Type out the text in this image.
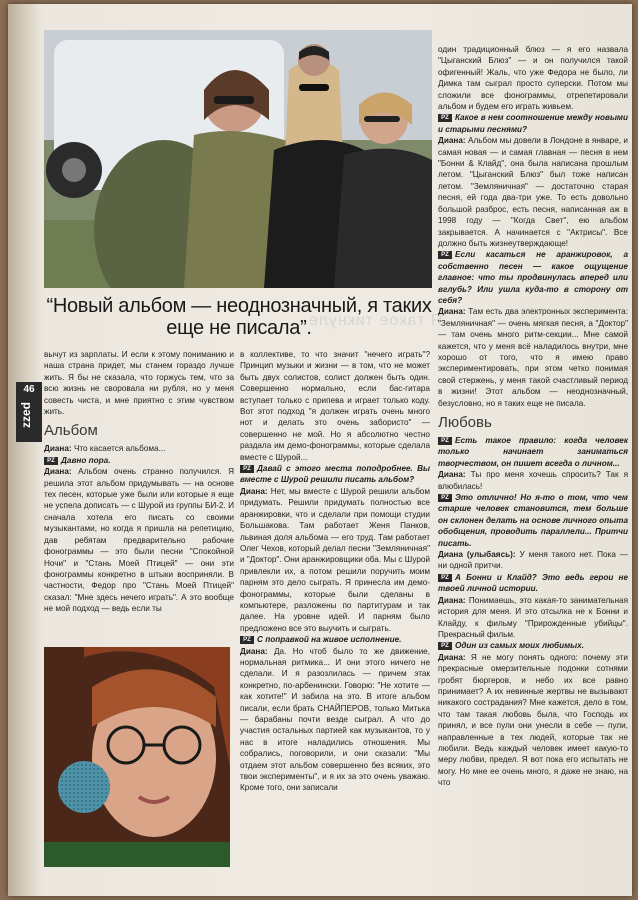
“Новый альбом — неоднозначный, я таких еще не писала”.
Я такое тикнуле
46
zzed

вычут из зарплаты. И если к этому пониманию и наша страна придет, мы станем гораздо лучше жить. Я бы не сказала, что горжусь тем, что за всю жизнь не своровала ни рубля, но у меня совесть чиста, и мне приятно с этим чувством жить.

Альбом

Диана: Что касается альбома...

PZ Давно пора.

Диана: Альбом очень странно получился. Я решила этот альбом придумывать — на основе тех песен, которые уже были или которые я еще не успела дописать — с Шурой из группы БИ-2. И сначала хотела его писать со своими музыкантами, но когда я пришла на репетицию, дав ребятам предварительно рабочие фонограммы — это были песни "Спокойной Ночи" и "Стань Моей Птицей" — они эти фонограммы конкретно в штыки восприняли. В частности, Федор про "Стань Моей Птицей" сказал: "Мне здесь нечего играть". А это вообще не мой подход — ведь если ты

в коллективе, то что значит "нечего играть"? Принцип музыки и жизни — в том, что не может быть двух солистов, солист должен быть один. Совершенно нормально, если бас-гитара вступает только с припева и играет только коду. Вот этот подход "я должен играть очень много нот и делать это очень забористо" — совершенно не мой. Но я абсолютно честно раздала им демо-фонограммы, которые сделала вместе с Шурой...

PZ Давай с этого места поподробнее. Вы вместе с Шурой решили писать альбом?

Диана: Нет, мы вместе с Шурой решили альбом придумать. Решили придумать полностью все аранжировки, что и сделали при помощи студии Большакова. Там работает Женя Панков, львиная доля альбома — его труд. Там работает Олег Чехов, который делал песни "Земляничная" и "Доктор". Они аранжировщики оба. Мы с Шурой привлекли их, а потом решили поручить моим парням это дело сыграть. Я принесла им демо-фонограммы, которые были сделаны в компьютере, разложены по партитурам и так далее. На уровне идей. И парням было предложено все это выучить и сыграть.

PZ С поправкой на живое исполнение.

Диана: Да. Но чтоб было то же движение, нормальная ритмика... И они этого ничего не сделали. И я разозлилась — причем этак конкретно, по-арбенински. Говорю: "Не хотите — как хотите!" И забила на это. В итоге альбом писали, если брать СНАЙПЕРОВ, только Митька — барабаны почти везде сыграл. А что до участия остальных партией как музыкантов, то у нас в итоге наладились отношения. Мы собрались, поговорили, и они сказали: "Мы отдаем этот альбом совершенно без всяких, это твои эксперименты", и я их за это очень уважаю. Кроме того, они записали

один традиционный блюз — я его назвала "Цыганский Блюз" — и он получился такой офигенный! Жаль, что уже Федора не было, ли Димка там сыграл просто суперски. Потом мы сложили все фонограммы, отрепетировали альбом и будем его играть живьем.

PZ Какое в нем соотношение между новыми и старыми песнями?

Диана: Альбом мы довели в Лондоне в январе, и самая новая — и самая главная — песня в нем "Бонни & Клайд", она была написана прошлым летом. "Цыганский Блюз" был тоже написан летом. "Земляничная" — достаточно старая песня, ей года два-три уже. То есть довольно большой разброс, есть песня, написанная аж в 1998 году — "Когда Свет", ею альбом закрывается. А начинается с "Актрисы". Все должно быть жизнеутверждающе!

PZ Если касаться не аранжировок, а собственно песен — какое ощущение главное: что ты продвинулась вперед или вглубь? Или ушла куда-то в сторону от себя?

Диана: Там есть два электронных эксперимента: "Земляничная" — очень мягкая песня, а "Доктор" — там очень много ритм-секции... Мне самой кажется, что у меня всё наладилось внутри, мне хорошо от того, что я имею право экспериментировать, при этом четко понимая свой стержень, у меня такой счастливый период в жизни! Этот альбом — неоднозначный, безусловно, но я таких еще не писала.

Любовь

PZ Есть такое правило: когда человек только начинает заниматься творчеством, он пишет всегда о личном...

Диана: Ты про меня хочешь спросить? Так я влюбилась!

PZ Это отлично! Но я-то о том, что чем старше человек становится, тем больше он склонен делать на основе личного опыта обобщения, проводить параллели... Притчи писать.

Диана (улыбаясь): У меня такого нет. Пока — ни одной притчи.

PZ А Бонни и Клайд? Это ведь герои не твоей личной истории.

Диана: Понимаешь, это какая-то занимательная история для меня. И это отсылка не к Бонни и Клайду, к фильму "Прирожденные убийцы". Прекрасный фильм.

PZ Один из самых моих любимых.

Диана: Я не могу понять одного: почему эти прекрасные омерзительные подонки сотнями гробят бюргеров, и небо их все равно принимает? А их невинные жертвы не вызывают никакого сострадания? Мне кажется, дело в том, что там такая любовь была, что Господь их принял, и все пули они унесли в себе — пули, направленные в тех людей, которые так не любили. Ведь каждый человек имеет какую-то меру любви, предел. Я вот пока его испытать не могу. Но мне ее очень много, я даже не знаю, на что
